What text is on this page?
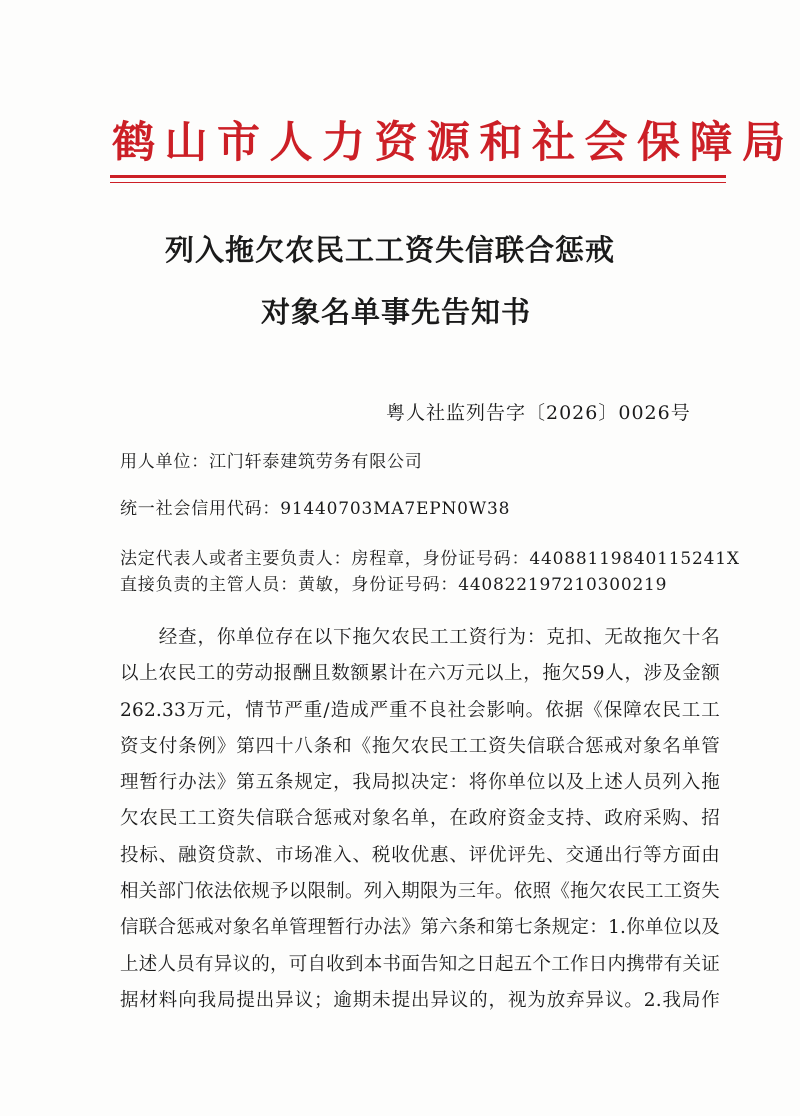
鹤山市人力资源和社会保障局
列入拖欠农民工工资失信联合惩戒
对象名单事先告知书
粤人社监列告字〔2026〕0026号
用人单位：江门轩泰建筑劳务有限公司
统一社会信用代码：91440703MA7EPN0W38
法定代表人或者主要负责人：房程章，身份证号码：44088119840115241X
直接负责的主管人员：黄敏，身份证号码：440822197210300219
　　经查，你单位存在以下拖欠农民工工资行为：克扣、无故拖欠十名
以上农民工的劳动报酬且数额累计在六万元以上，拖欠59人，涉及金额
262.33万元，情节严重/造成严重不良社会影响。依据《保障农民工工
资支付条例》第四十八条和《拖欠农民工工资失信联合惩戒对象名单管
理暂行办法》第五条规定，我局拟决定：将你单位以及上述人员列入拖
欠农民工工资失信联合惩戒对象名单，在政府资金支持、政府采购、招
投标、融资贷款、市场准入、税收优惠、评优评先、交通出行等方面由
相关部门依法依规予以限制。列入期限为三年。依照《拖欠农民工工资失
信联合惩戒对象名单管理暂行办法》第六条和第七条规定：1.你单位以及
上述人员有异议的，可自收到本书面告知之日起五个工作日内携带有关证
据材料向我局提出异议；逾期未提出异议的，视为放弃异议。2.我局作
